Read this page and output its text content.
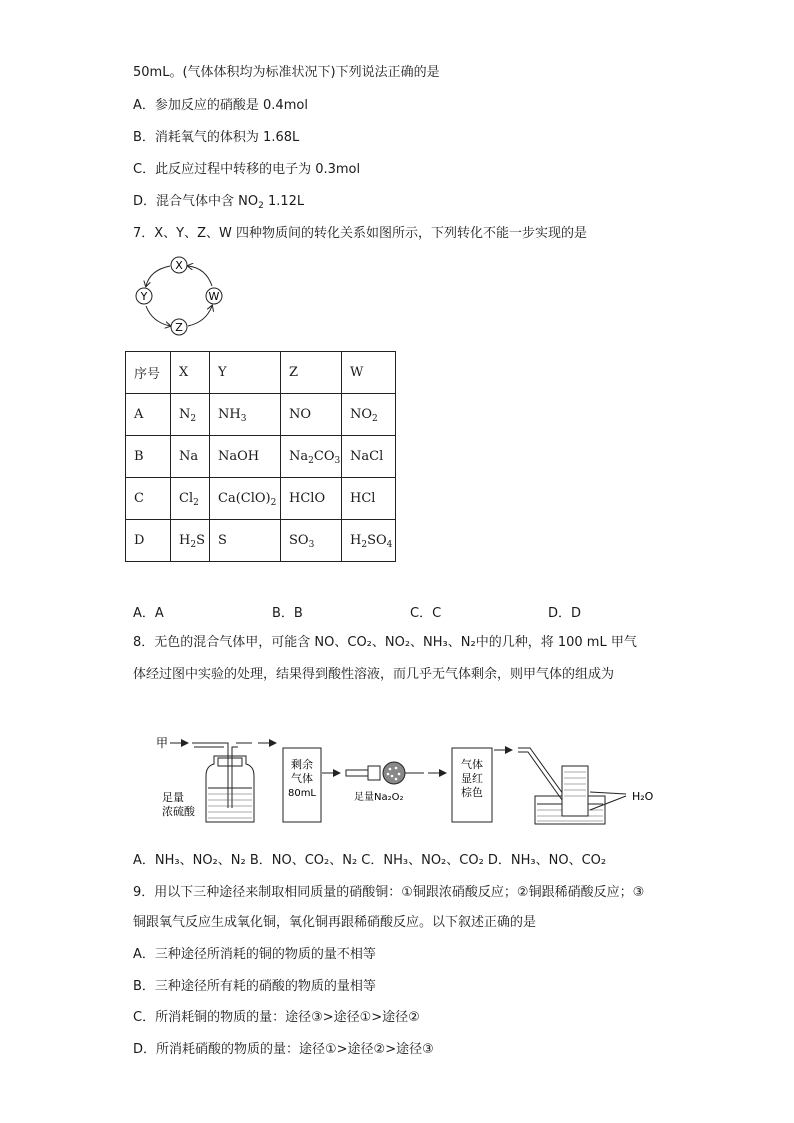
50mL。(气体体积均为标准状况下)下列说法正确的是
A．参加反应的硝酸是 0.4mol
B．消耗氧气的体积为 1.68L
C．此反应过程中转移的电子为 0.3mol
D．混合气体中含 $NO_2$ 1.12L
7．X、Y、Z、W 四种物质间的转化关系如图所示，下列转化不能一步实现的是
X
Y	W
Z
序号	X	Y	Z	W
A	$N_2$	$NH_3$	NO	$NO_2$
B	Na	NaOH	$Na_2CO_3$	NaCl
C	$Cl_2$	$Ca(ClO)_2$	HClO	HCl
D	$H_2S$	S	$SO_3$	$H_2SO_4$
A．A	B．B	C．C	D．D
8．无色的混合气体甲，可能含 NO、CO₂、NO₂、NH₃、N₂中的几种，将 100 mL 甲气
体经过图中实验的处理，结果得到酸性溶液，而几乎无气体剩余，则甲气体的组成为
甲
足量
浓硫酸
剩余
气体
80mL	足量Na₂O₂
气体
显红
棕色	H₂O
A．NH₃、NO₂、N₂ B．NO、CO₂、N₂ C．NH₃、NO₂、CO₂ D．NH₃、NO、CO₂
9．用以下三种途径来制取相同质量的硝酸铜：①铜跟浓硝酸反应；②铜跟稀硝酸反应；③
铜跟氧气反应生成氧化铜，氧化铜再跟稀硝酸反应。以下叙述正确的是
A．三种途径所消耗的铜的物质的量不相等
B．三种途径所有耗的硝酸的物质的量相等
C．所消耗铜的物质的量：途径③>途径①>途径②
D．所消耗硝酸的物质的量：途径①>途径②>途径③
